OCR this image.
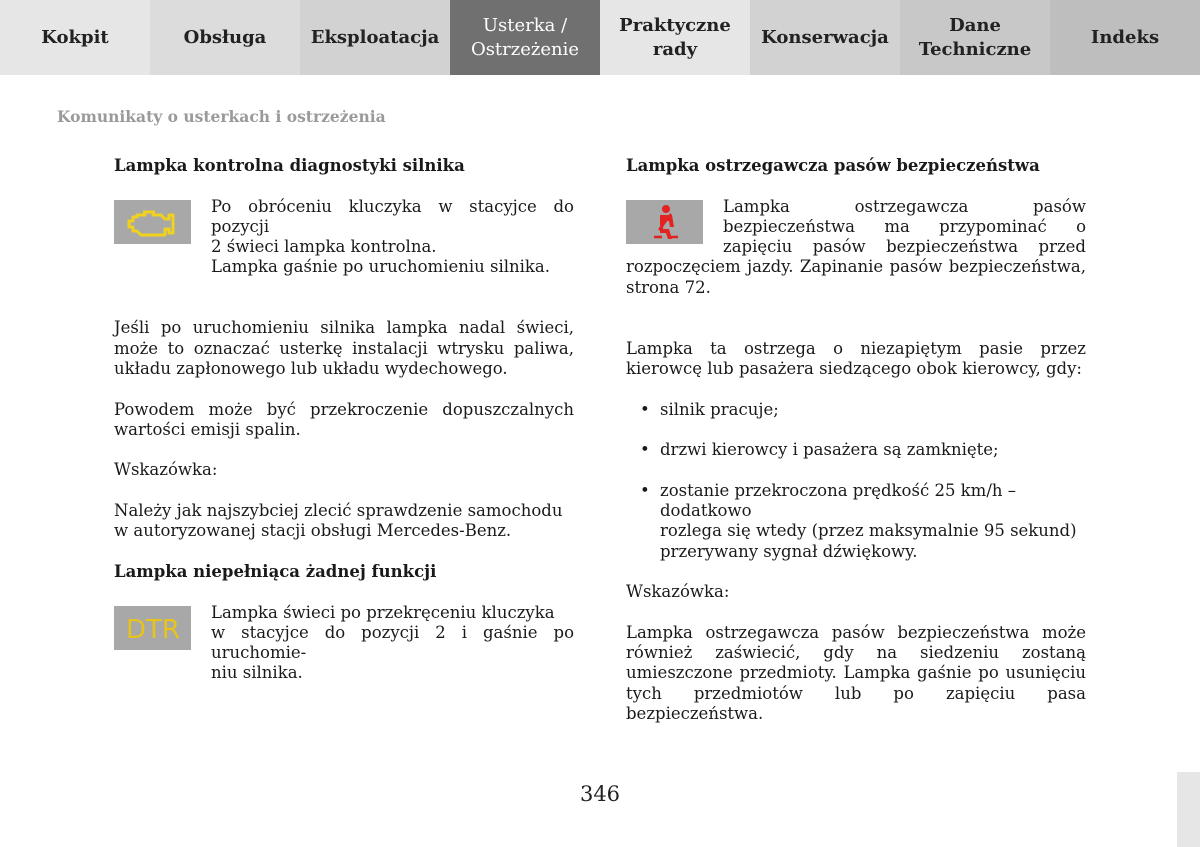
Kokpit	Obsługa	Eksploatacja
Usterka /
Ostrzeżenie
Praktyczne
rady
Konserwacja
Dane
Techniczne
Indeks
Komunikaty o usterkach i ostrzeżenia
Lampka kontrolna diagnostyki silnika

Po obróceniu kluczyka w stacyjce do pozycji
2 świeci lampka kontrolna.
Lampka gaśnie po uruchomieniu silnika.

Jeśli po uruchomieniu silnika lampka nadal świeci, może to oznaczać usterkę instalacji wtrysku paliwa, układu zapłonowego lub układu wydechowego.

Powodem może być przekroczenie dopuszczalnych wartości emisji spalin.

Wskazówka:

Należy jak najszybciej zlecić sprawdzenie samochodu
w autoryzowanej stacji obsługi Mercedes-Benz.

Lampka niepełniąca żadnej funkcji
DTR

Lampka świeci po przekręceniu kluczyka
w stacyjce do pozycji 2 i gaśnie po uruchomie-
niu silnika.

Lampka ostrzegawcza pasów bezpieczeństwa

Lampka ostrzegawcza pasów bezpieczeństwa ma przypominać o zapięciu pasów bezpieczeństwa przed rozpoczęciem jazdy. Zapinanie pasów bezpieczeństwa, strona 72.

Lampka ta ostrzega o niezapiętym pasie przez kierowcę lub pasażera siedzącego obok kierowcy, gdy:

• silnik pracuje;
• drzwi kierowcy i pasażera są zamknięte;
• zostanie przekroczona prędkość 25 km/h – dodatkowo
rozlega się wtedy (przez maksymalnie 95 sekund)
przerywany sygnał dźwiękowy.

Wskazówka:

Lampka ostrzegawcza pasów bezpieczeństwa może również zaświecić, gdy na siedzeniu zostaną umieszczone przedmioty. Lampka gaśnie po usunięciu tych przedmiotów lub po zapięciu pasa bezpieczeństwa.

346
